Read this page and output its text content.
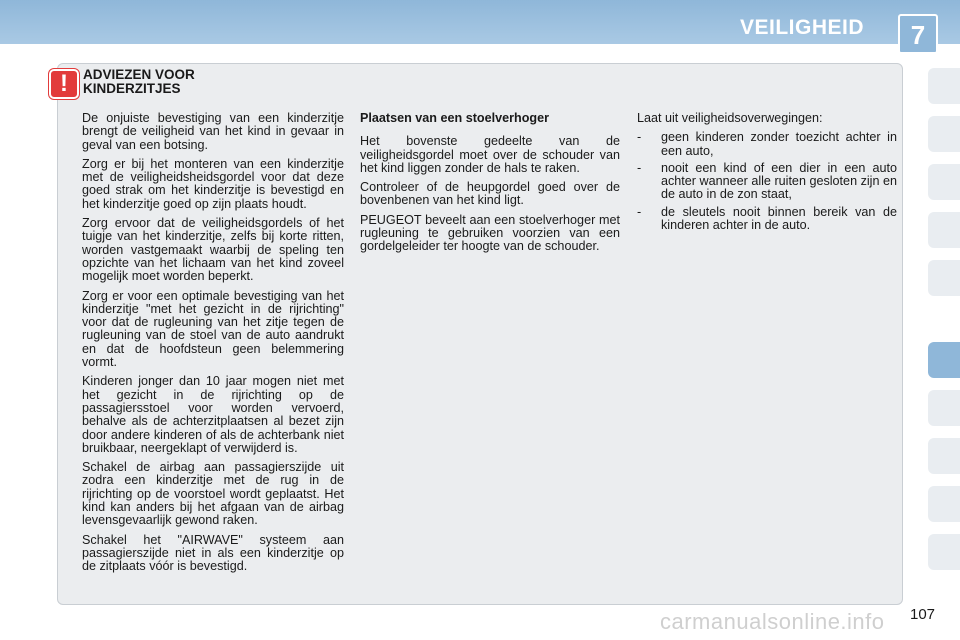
VEILIGHEID	7
!	ADVIEZEN VOOR
KINDERZITJES

De onjuiste bevestiging van een kinderzitje brengt de veiligheid van het kind in gevaar in geval van een botsing.

Zorg er bij het monteren van een kinderzitje met de veiligheidsheidsgordel voor dat deze goed strak om het kinderzitje is bevestigd en het kinderzitje goed op zijn plaats houdt.

Zorg ervoor dat de veiligheidsgordels of het tuigje van het kinderzitje, zelfs bij korte ritten, worden vastgemaakt waarbij de speling ten opzichte van het lichaam van het kind zoveel mogelijk moet worden beperkt.

Zorg er voor een optimale bevestiging van het kinderzitje "met het gezicht in de rijrichting" voor dat de rugleuning van het zitje tegen de rugleuning van de stoel van de auto aandrukt en dat de hoofdsteun geen belemmering vormt.

Kinderen jonger dan 10 jaar mogen niet met het gezicht in de rijrichting op de passagiersstoel voor worden vervoerd, behalve als de achterzitplaatsen al bezet zijn door andere kinderen of als de achterbank niet bruikbaar, neergeklapt of verwijderd is.

Schakel de airbag aan passagierszijde uit zodra een kinderzitje met de rug in de rijrichting op de voorstoel wordt geplaatst. Het kind kan anders bij het afgaan van de airbag levensgevaarlijk gewond raken.

Schakel het "AIRWAVE" systeem aan passagierszijde niet in als een kinderzitje op de zitplaats vóór is bevestigd.

Plaatsen van een stoelverhoger

Het bovenste gedeelte van de veiligheidsgordel moet over de schouder van het kind liggen zonder de hals te raken.

Controleer of de heupgordel goed over de bovenbenen van het kind ligt.

PEUGEOT beveelt aan een stoelverhoger met rugleuning te gebruiken voorzien van een gordelgeleider ter hoogte van de schouder.

Laat uit veiligheidsoverwegingen:

-	geen kinderen zonder toezicht achter in een auto,
-	nooit een kind of een dier in een auto achter wanneer alle ruiten gesloten zijn en de auto in de zon staat,
-	de sleutels nooit binnen bereik van de kinderen achter in de auto.
carmanualsonline.info 107
